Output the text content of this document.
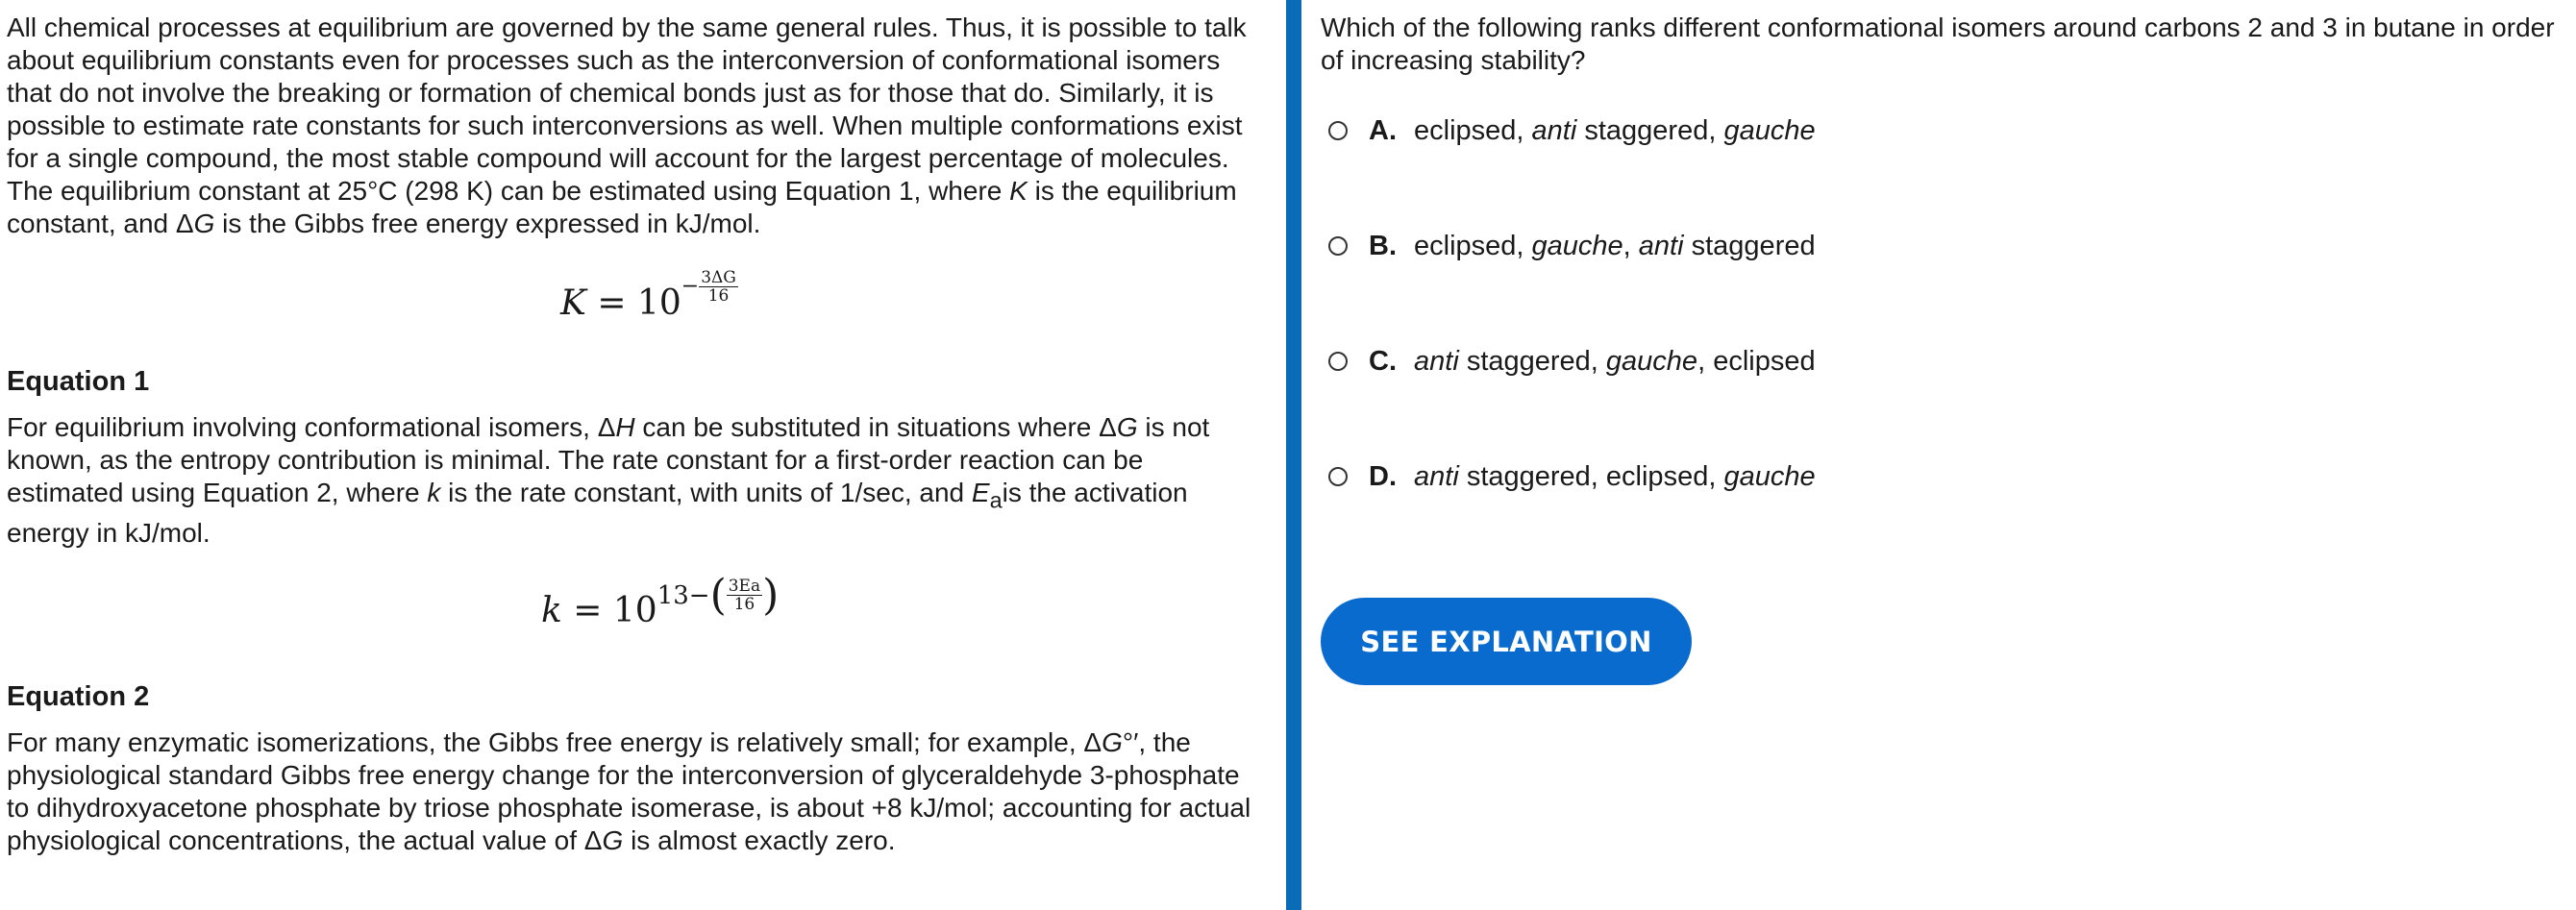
All chemical processes at equilibrium are governed by the same general rules. Thus, it is possible to talk about equilibrium constants even for processes such as the interconversion of conformational isomers that do not involve the breaking or formation of chemical bonds just as for those that do. Similarly, it is possible to estimate rate constants for such interconversions as well. When multiple conformations exist for a single compound, the most stable compound will account for the largest percentage of molecules. The equilibrium constant at 25°C (298 K) can be estimated using Equation 1, where K is the equilibrium constant, and ΔG is the Gibbs free energy expressed in kJ/mol.

$K = 10- \frac{3\Delta G}{16}$

Equation 1

For equilibrium involving conformational isomers, ΔH can be substituted in situations where ΔG is not known, as the entropy contribution is minimal. The rate constant for a first-order reaction can be estimated using Equation 2, where k is the rate constant, with units of 1/sec, and $E_ais$ the activation energy in kJ/mol.

$k = 1013-( \frac{3Ea}{16}$ )

Equation 2

For many enzymatic isomerizations, the Gibbs free energy is relatively small; for example, ΔG°′, the physiological standard Gibbs free energy change for the interconversion of glyceraldehyde 3-phosphate to dihydroxyacetone phosphate by triose phosphate isomerase, is about +8 kJ/mol; accounting for actual physiological concentrations, the actual value of ΔG is almost exactly zero.

Which of the following ranks different conformational isomers around carbons 2 and 3 in butane in order of increasing stability?

A. eclipsed, anti staggered, gauche
B. eclipsed, gauche, anti staggered
C. anti staggered, gauche, eclipsed
D. anti staggered, eclipsed, gauche
SEE EXPLANATION
